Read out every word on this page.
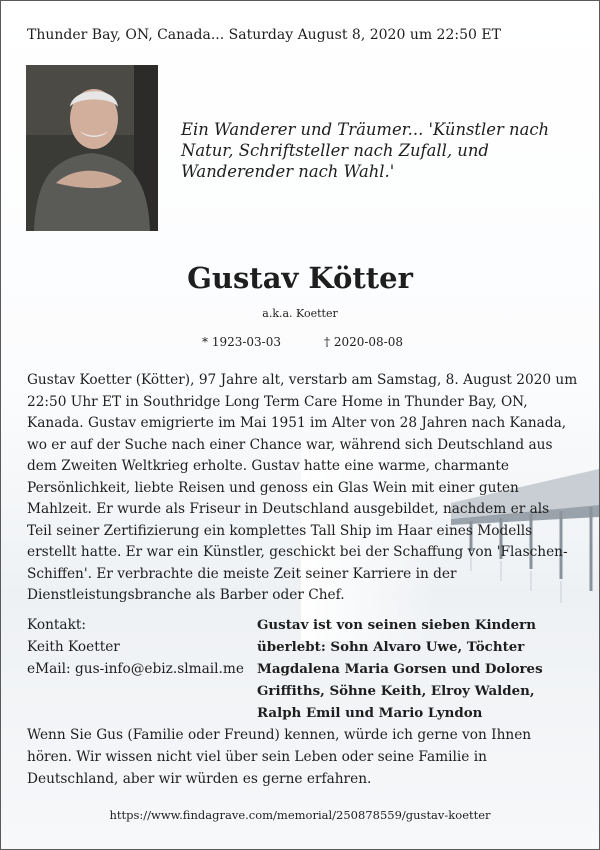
Thunder Bay, ON, Canada... Saturday August 8, 2020 um 22:50 ET
Ein Wanderer und Träumer... 'Künstler nach Natur, Schriftsteller nach Zufall, und Wanderender nach Wahl.'
Gustav Kötter
a.k.a. Koetter
* 1923-03-03	† 2020-08-08
Gustav Koetter (Kötter), 97 Jahre alt, verstarb am Samstag, 8. August 2020 um 22:50 Uhr ET in Southridge Long Term Care Home in Thunder Bay, ON, Kanada. Gustav emigrierte im Mai 1951 im Alter von 28 Jahren nach Kanada, wo er auf der Suche nach einer Chance war, während sich Deutschland aus dem Zweiten Weltkrieg erholte. Gustav hatte eine warme, charmante Persönlichkeit, liebte Reisen und genoss ein Glas Wein mit einer guten Mahlzeit. Er wurde als Friseur in Deutschland ausgebildet, nachdem er als Teil seiner Zertifizierung ein komplettes Tall Ship im Haar eines Modells erstellt hatte. Er war ein Künstler, geschickt bei der Schaffung von 'Flaschen-Schiffen'. Er verbrachte die meiste Zeit seiner Karriere in der Dienstleistungsbranche als Barber oder Chef.
Kontakt:
Keith Koetter
eMail: gus-info@ebiz.slmail.me
Gustav ist von seinen sieben Kindern überlebt: Sohn Alvaro Uwe, Töchter Magdalena Maria Gorsen und Dolores Griffiths, Söhne Keith, Elroy Walden, Ralph Emil und Mario Lyndon
Wenn Sie Gus (Familie oder Freund) kennen, würde ich gerne von Ihnen hören. Wir wissen nicht viel über sein Leben oder seine Familie in Deutschland, aber wir würden es gerne erfahren.
https://www.findagrave.com/memorial/250878559/gustav-koetter
